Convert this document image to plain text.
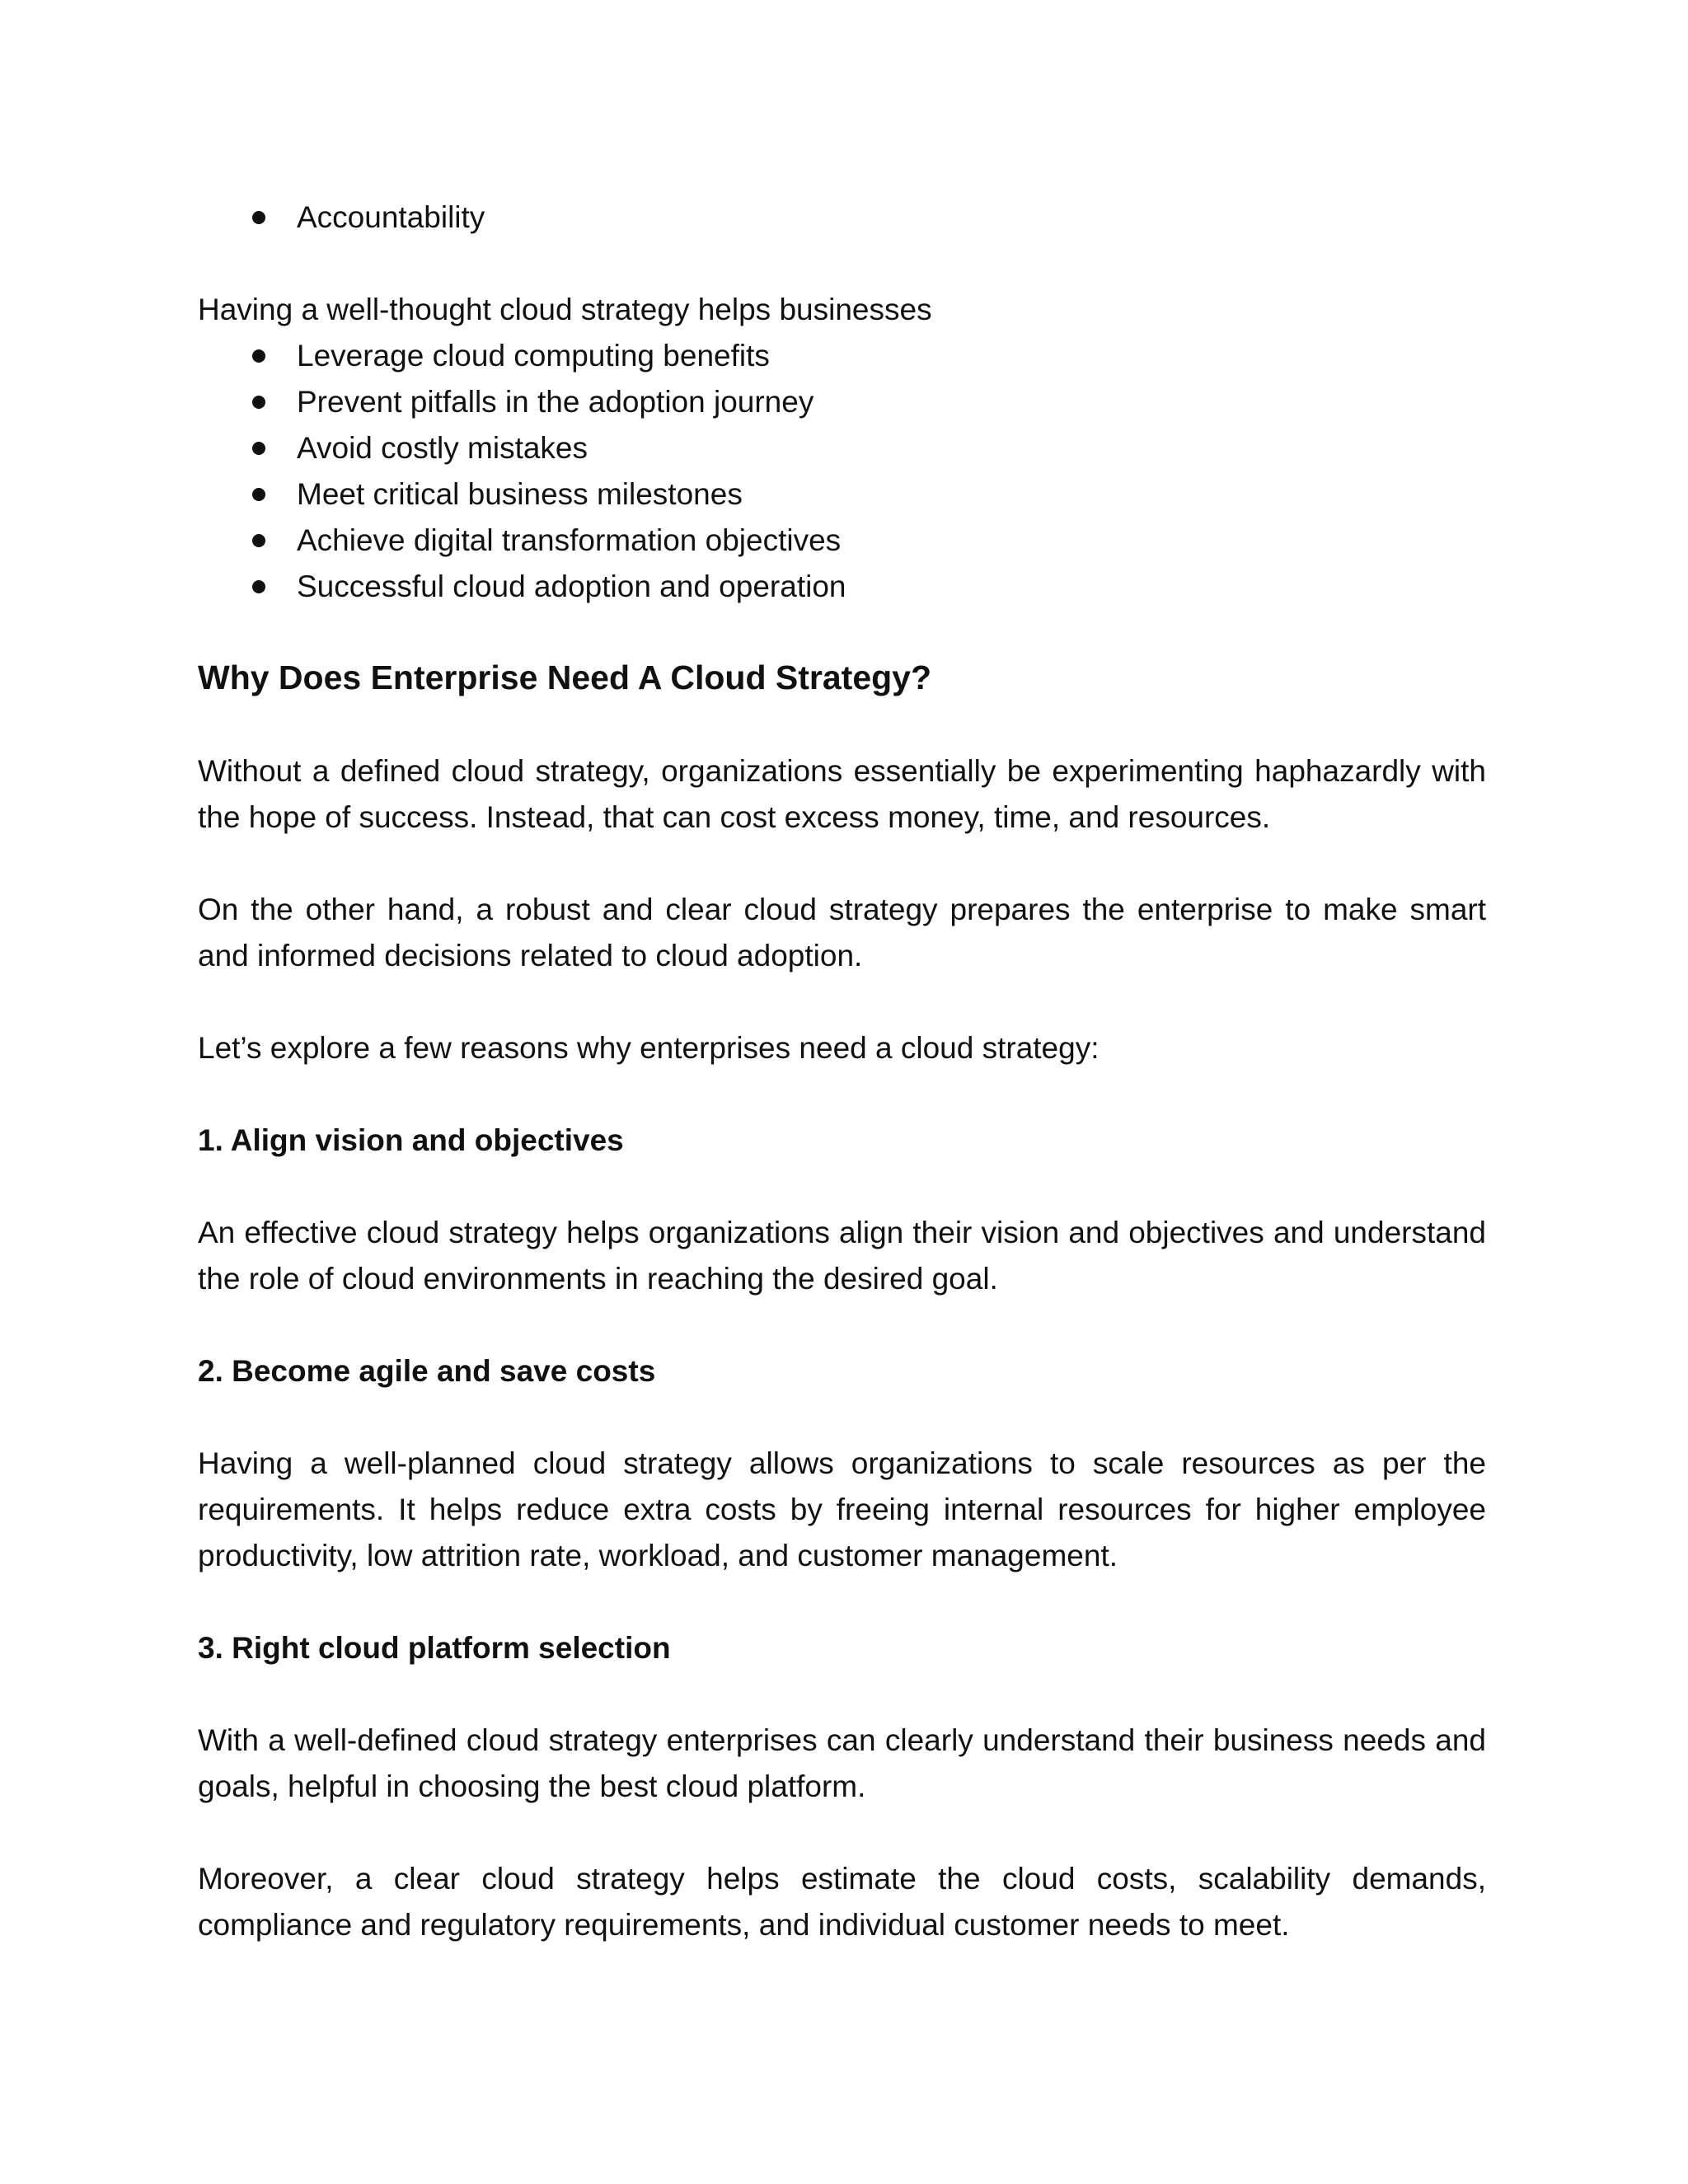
Accountability

Having a well-thought cloud strategy helps businesses

Leverage cloud computing benefits
Prevent pitfalls in the adoption journey
Avoid costly mistakes
Meet critical business milestones
Achieve digital transformation objectives
Successful cloud adoption and operation
Why Does Enterprise Need A Cloud Strategy?

Without a defined cloud strategy, organizations essentially be experimenting haphazardly with the hope of success. Instead, that can cost excess money, time, and resources.

On the other hand, a robust and clear cloud strategy prepares the enterprise to make smart and informed decisions related to cloud adoption.

Let’s explore a few reasons why enterprises need a cloud strategy:

1. Align vision and objectives

An effective cloud strategy helps organizations align their vision and objectives and understand the role of cloud environments in reaching the desired goal.

2. Become agile and save costs

Having a well-planned cloud strategy allows organizations to scale resources as per the requirements. It helps reduce extra costs by freeing internal resources for higher employee productivity, low attrition rate, workload, and customer management.

3. Right cloud platform selection

With a well-defined cloud strategy enterprises can clearly understand their business needs and goals, helpful in choosing the best cloud platform.

Moreover, a clear cloud strategy helps estimate the cloud costs, scalability demands, compliance and regulatory requirements, and individual customer needs to meet.
